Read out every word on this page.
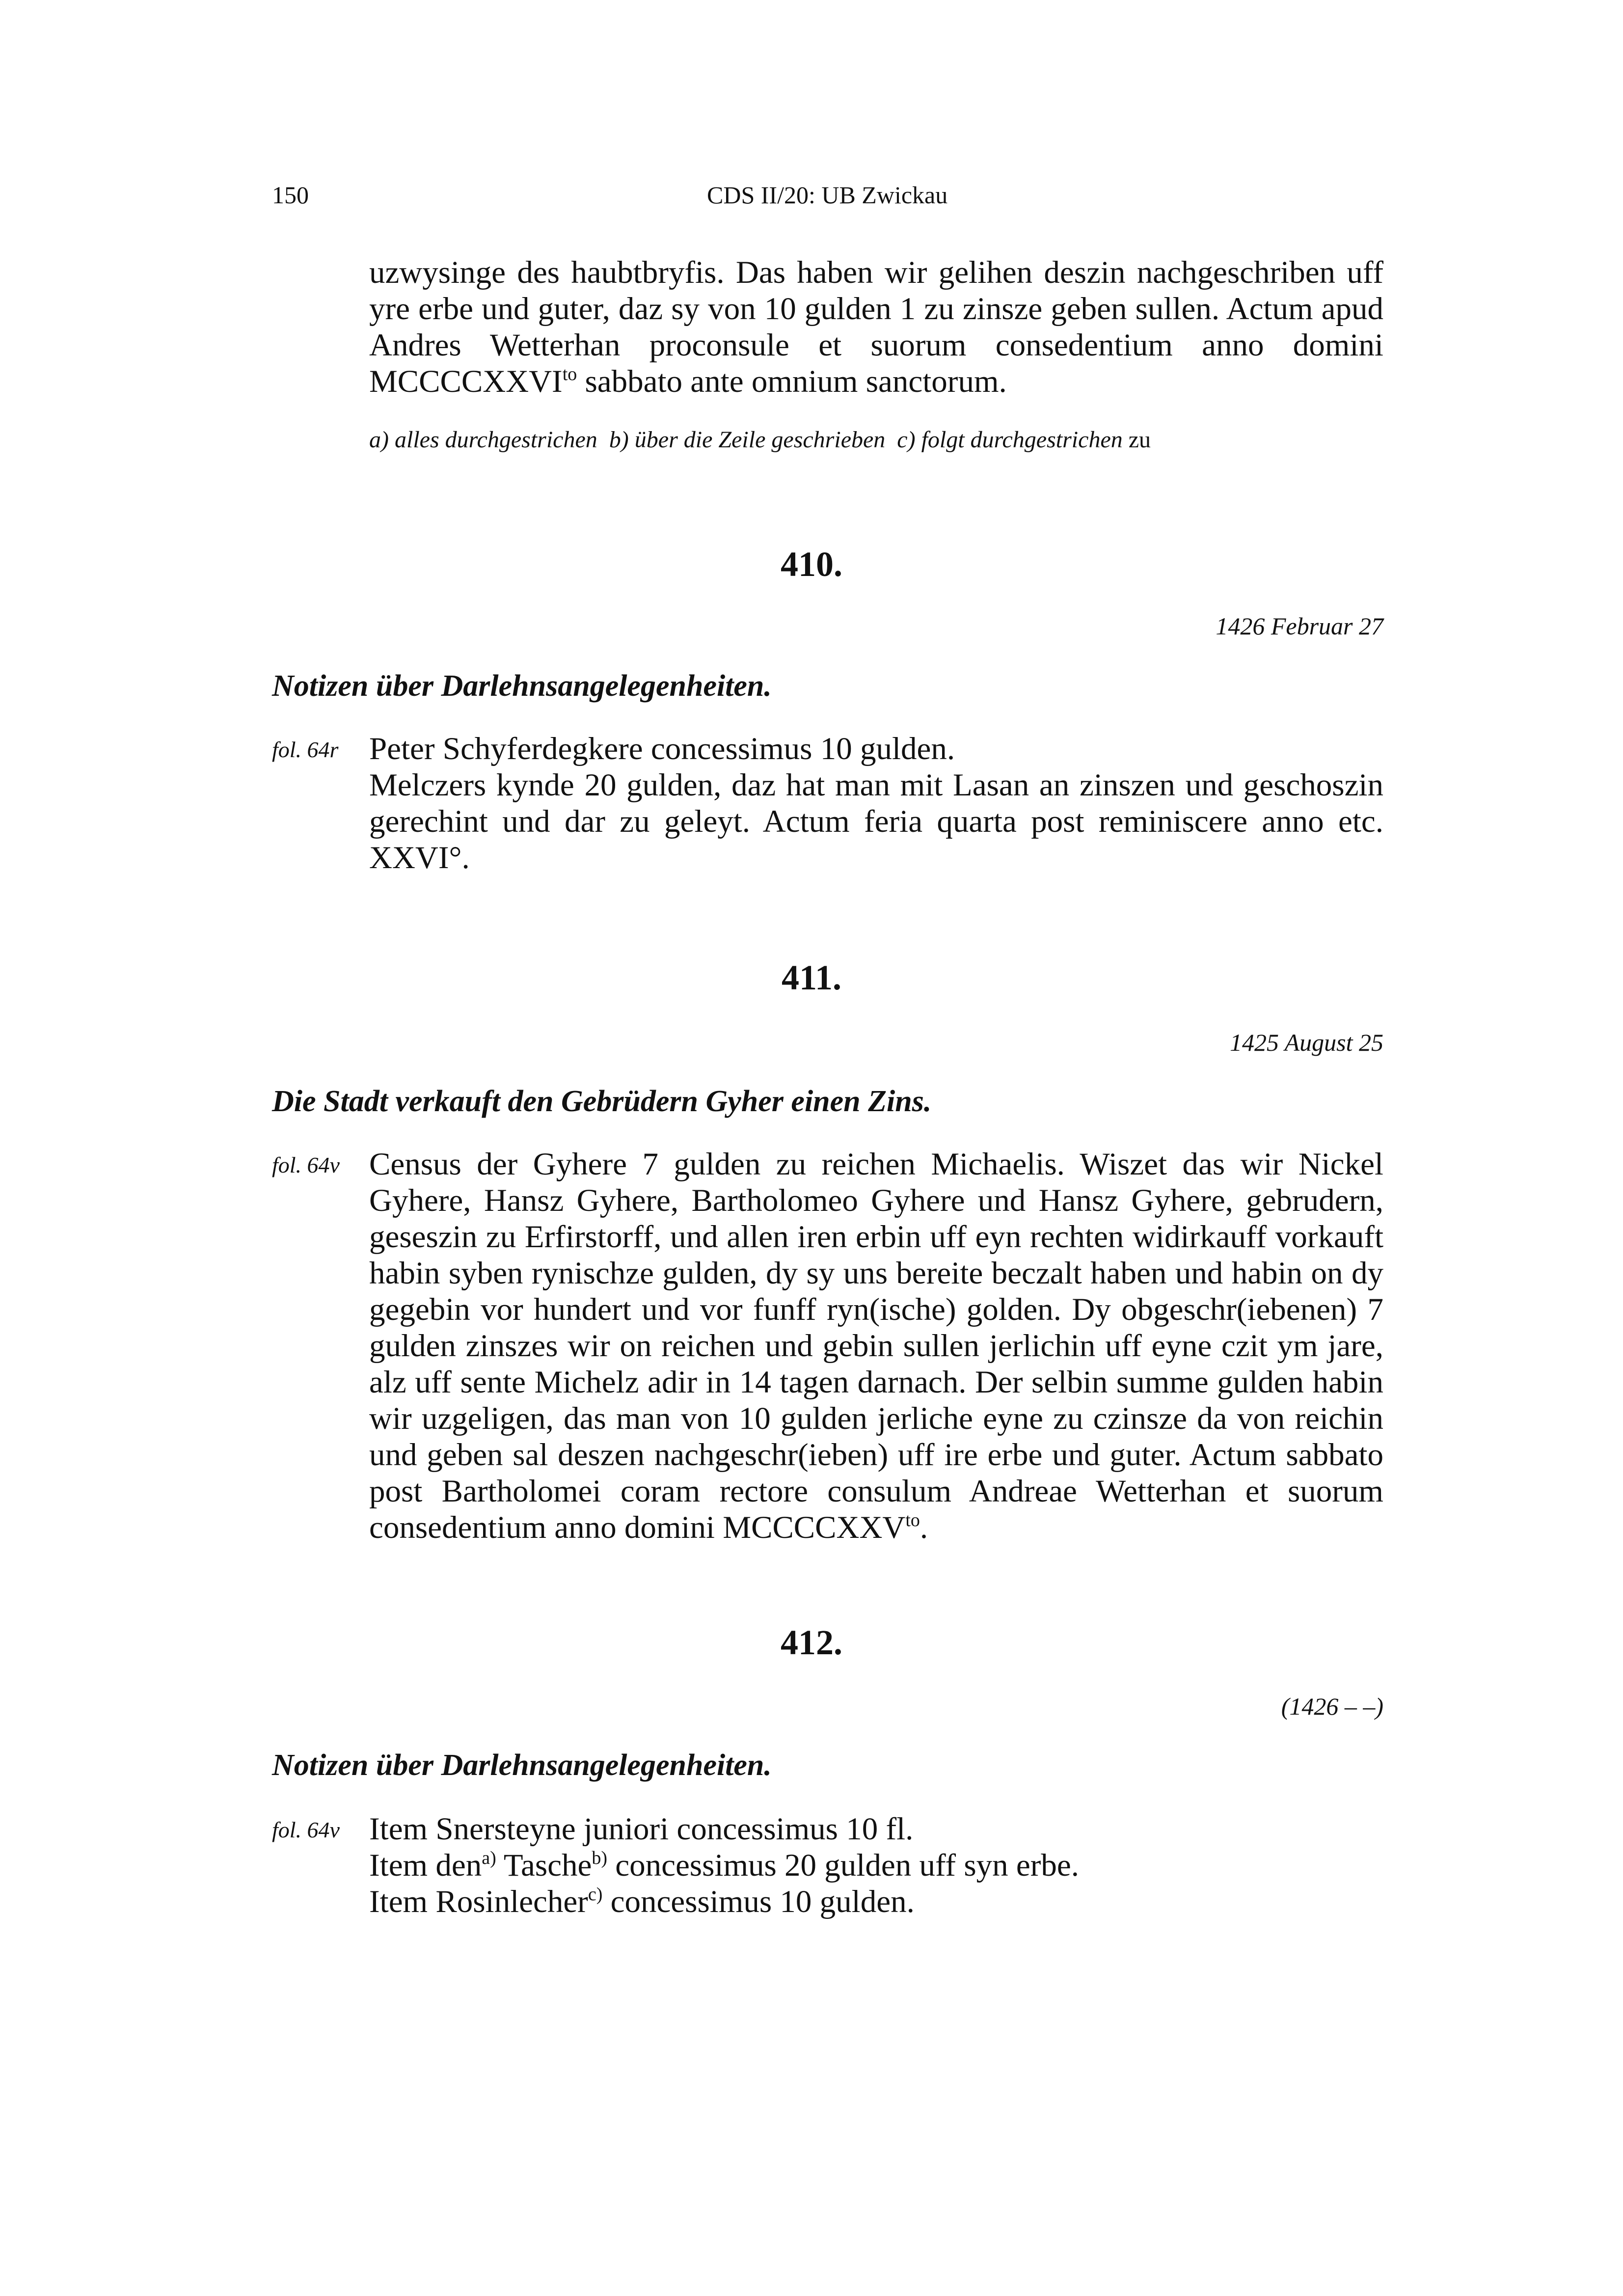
150	CDS II/20: UB Zwickau

uzwysinge des haubtbryfis. Das haben wir gelihen deszin nachgeschriben uff yre erbe und guter, daz sy von 10 gulden 1 zu zinsze geben sullen. Actum apud Andres Wetterhan proconsule et suorum consedentium anno domini $MCCCCXXVI^{to}$ sabbato ante omnium sanctorum.

a) alles durchgestrichen b) über die Zeile geschrieben c) folgt durchgestrichen zu
410.
1426 Februar 27
Notizen über Darlehnsangelegenheiten.
fol. 64r Peter Schyferdegkere concessimus 10 gulden.

Melczers kynde 20 gulden, daz hat man mit Lasan an zinszen und geschoszin gerechint und dar zu geleyt. Actum feria quarta post reminiscere anno etc. XXVI°.

411.
1425 August 25
Die Stadt verkauft den Gebrüdern Gyher einen Zins.
fol. 64v Census der Gyhere 7 gulden zu reichen Michaelis. Wiszet das wir Nickel Gyhere, Hansz Gyhere, Bartholomeo Gyhere und Hansz Gyhere, gebrudern, geseszin zu Erfirstorff, und allen iren erbin uff eyn rechten widirkauff vorkauft habin syben rynischze gulden, dy sy uns bereite beczalt haben und habin on dy gegebin vor hundert und vor funff ryn(ische) golden. Dy obgeschr(iebenen) 7 gulden zinszes wir on reichen und gebin sullen jerlichin uff eyne czit ym jare, alz uff sente Michelz adir in 14 tagen darnach. Der selbin summe gulden habin wir uzgeligen, das man von 10 gulden jerliche eyne zu czinsze da von reichin und geben sal deszen nachgeschr(ieben) uff ire erbe und guter. Actum sabbato post Bartholomei coram rectore consulum Andreae Wetterhan et suorum consedentium anno domini $MCCCCXXV^{to}$.

412.
(1426 – –)
Notizen über Darlehnsangelegenheiten.
fol. 64v Item Snersteyne juniori concessimus 10 fl.

Item den$^{a)}$ Tasche$^{b)}$ concessimus 20 gulden uff syn erbe.

Item Rosinlecher$^{c)}$ concessimus 10 gulden.
